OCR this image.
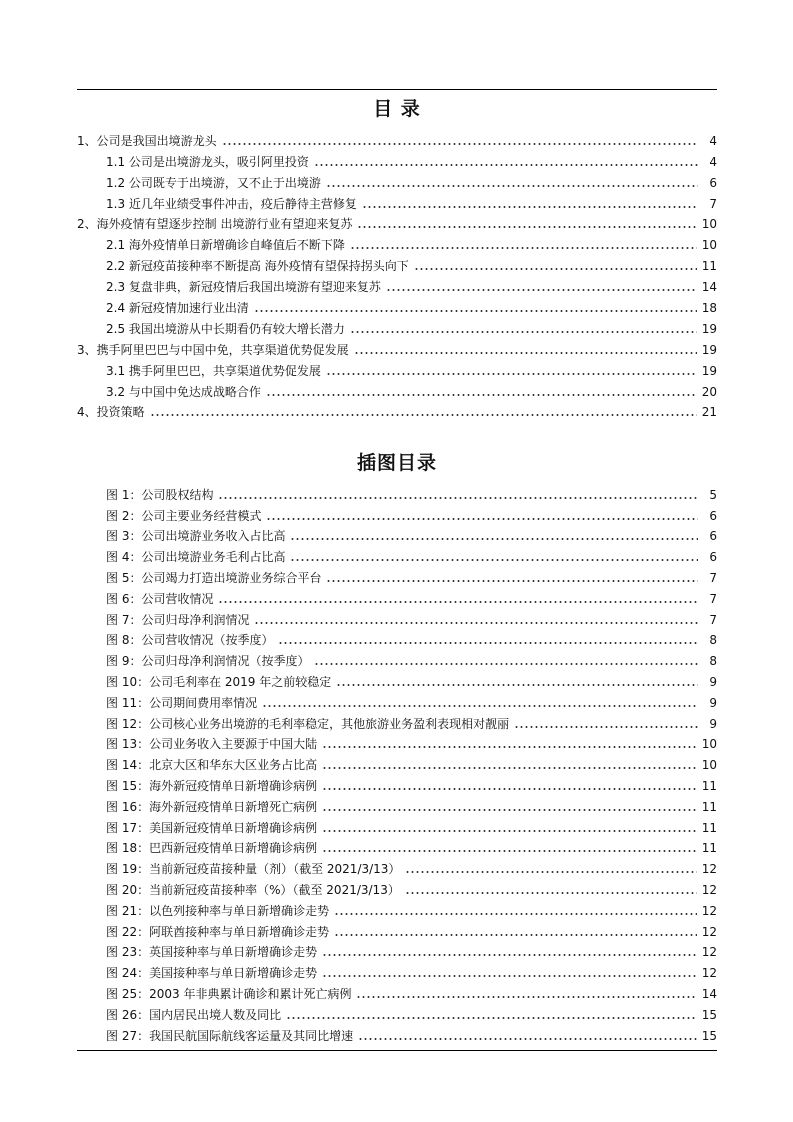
目 录
1、公司是我国出境游龙头	4
1.1 公司是出境游龙头，吸引阿里投资	4
1.2 公司既专于出境游，又不止于出境游	6
1.3 近几年业绩受事件冲击，疫后静待主营修复	7
2、海外疫情有望逐步控制 出境游行业有望迎来复苏	10
2.1 海外疫情单日新增确诊自峰值后不断下降	10
2.2 新冠疫苗接种率不断提高 海外疫情有望保持拐头向下	11
2.3 复盘非典，新冠疫情后我国出境游有望迎来复苏	14
2.4 新冠疫情加速行业出清	18
2.5 我国出境游从中长期看仍有较大增长潜力	19
3、携手阿里巴巴与中国中免，共享渠道优势促发展	19
3.1 携手阿里巴巴，共享渠道优势促发展	19
3.2 与中国中免达成战略合作	20
4、投资策略	21
插图目录
图 1：公司股权结构	5
图 2：公司主要业务经营模式	6
图 3：公司出境游业务收入占比高	6
图 4：公司出境游业务毛利占比高	6
图 5：公司竭力打造出境游业务综合平台	7
图 6：公司营收情况	7
图 7：公司归母净利润情况	7
图 8：公司营收情况（按季度）	8
图 9：公司归母净利润情况（按季度）	8
图 10：公司毛利率在 2019 年之前较稳定	9
图 11：公司期间费用率情况	9
图 12：公司核心业务出境游的毛利率稳定，其他旅游业务盈利表现相对靓丽	9
图 13：公司业务收入主要源于中国大陆	10
图 14：北京大区和华东大区业务占比高	10
图 15：海外新冠疫情单日新增确诊病例	11
图 16：海外新冠疫情单日新增死亡病例	11
图 17：美国新冠疫情单日新增确诊病例	11
图 18：巴西新冠疫情单日新增确诊病例	11
图 19：当前新冠疫苗接种量（剂）（截至 2021/3/13）	12
图 20：当前新冠疫苗接种率（%）（截至 2021/3/13）	12
图 21：以色列接种率与单日新增确诊走势	12
图 22：阿联酋接种率与单日新增确诊走势	12
图 23：英国接种率与单日新增确诊走势	12
图 24：美国接种率与单日新增确诊走势	12
图 25：2003 年非典累计确诊和累计死亡病例	14
图 26：国内居民出境人数及同比	15
图 27：我国民航国际航线客运量及其同比增速	15
